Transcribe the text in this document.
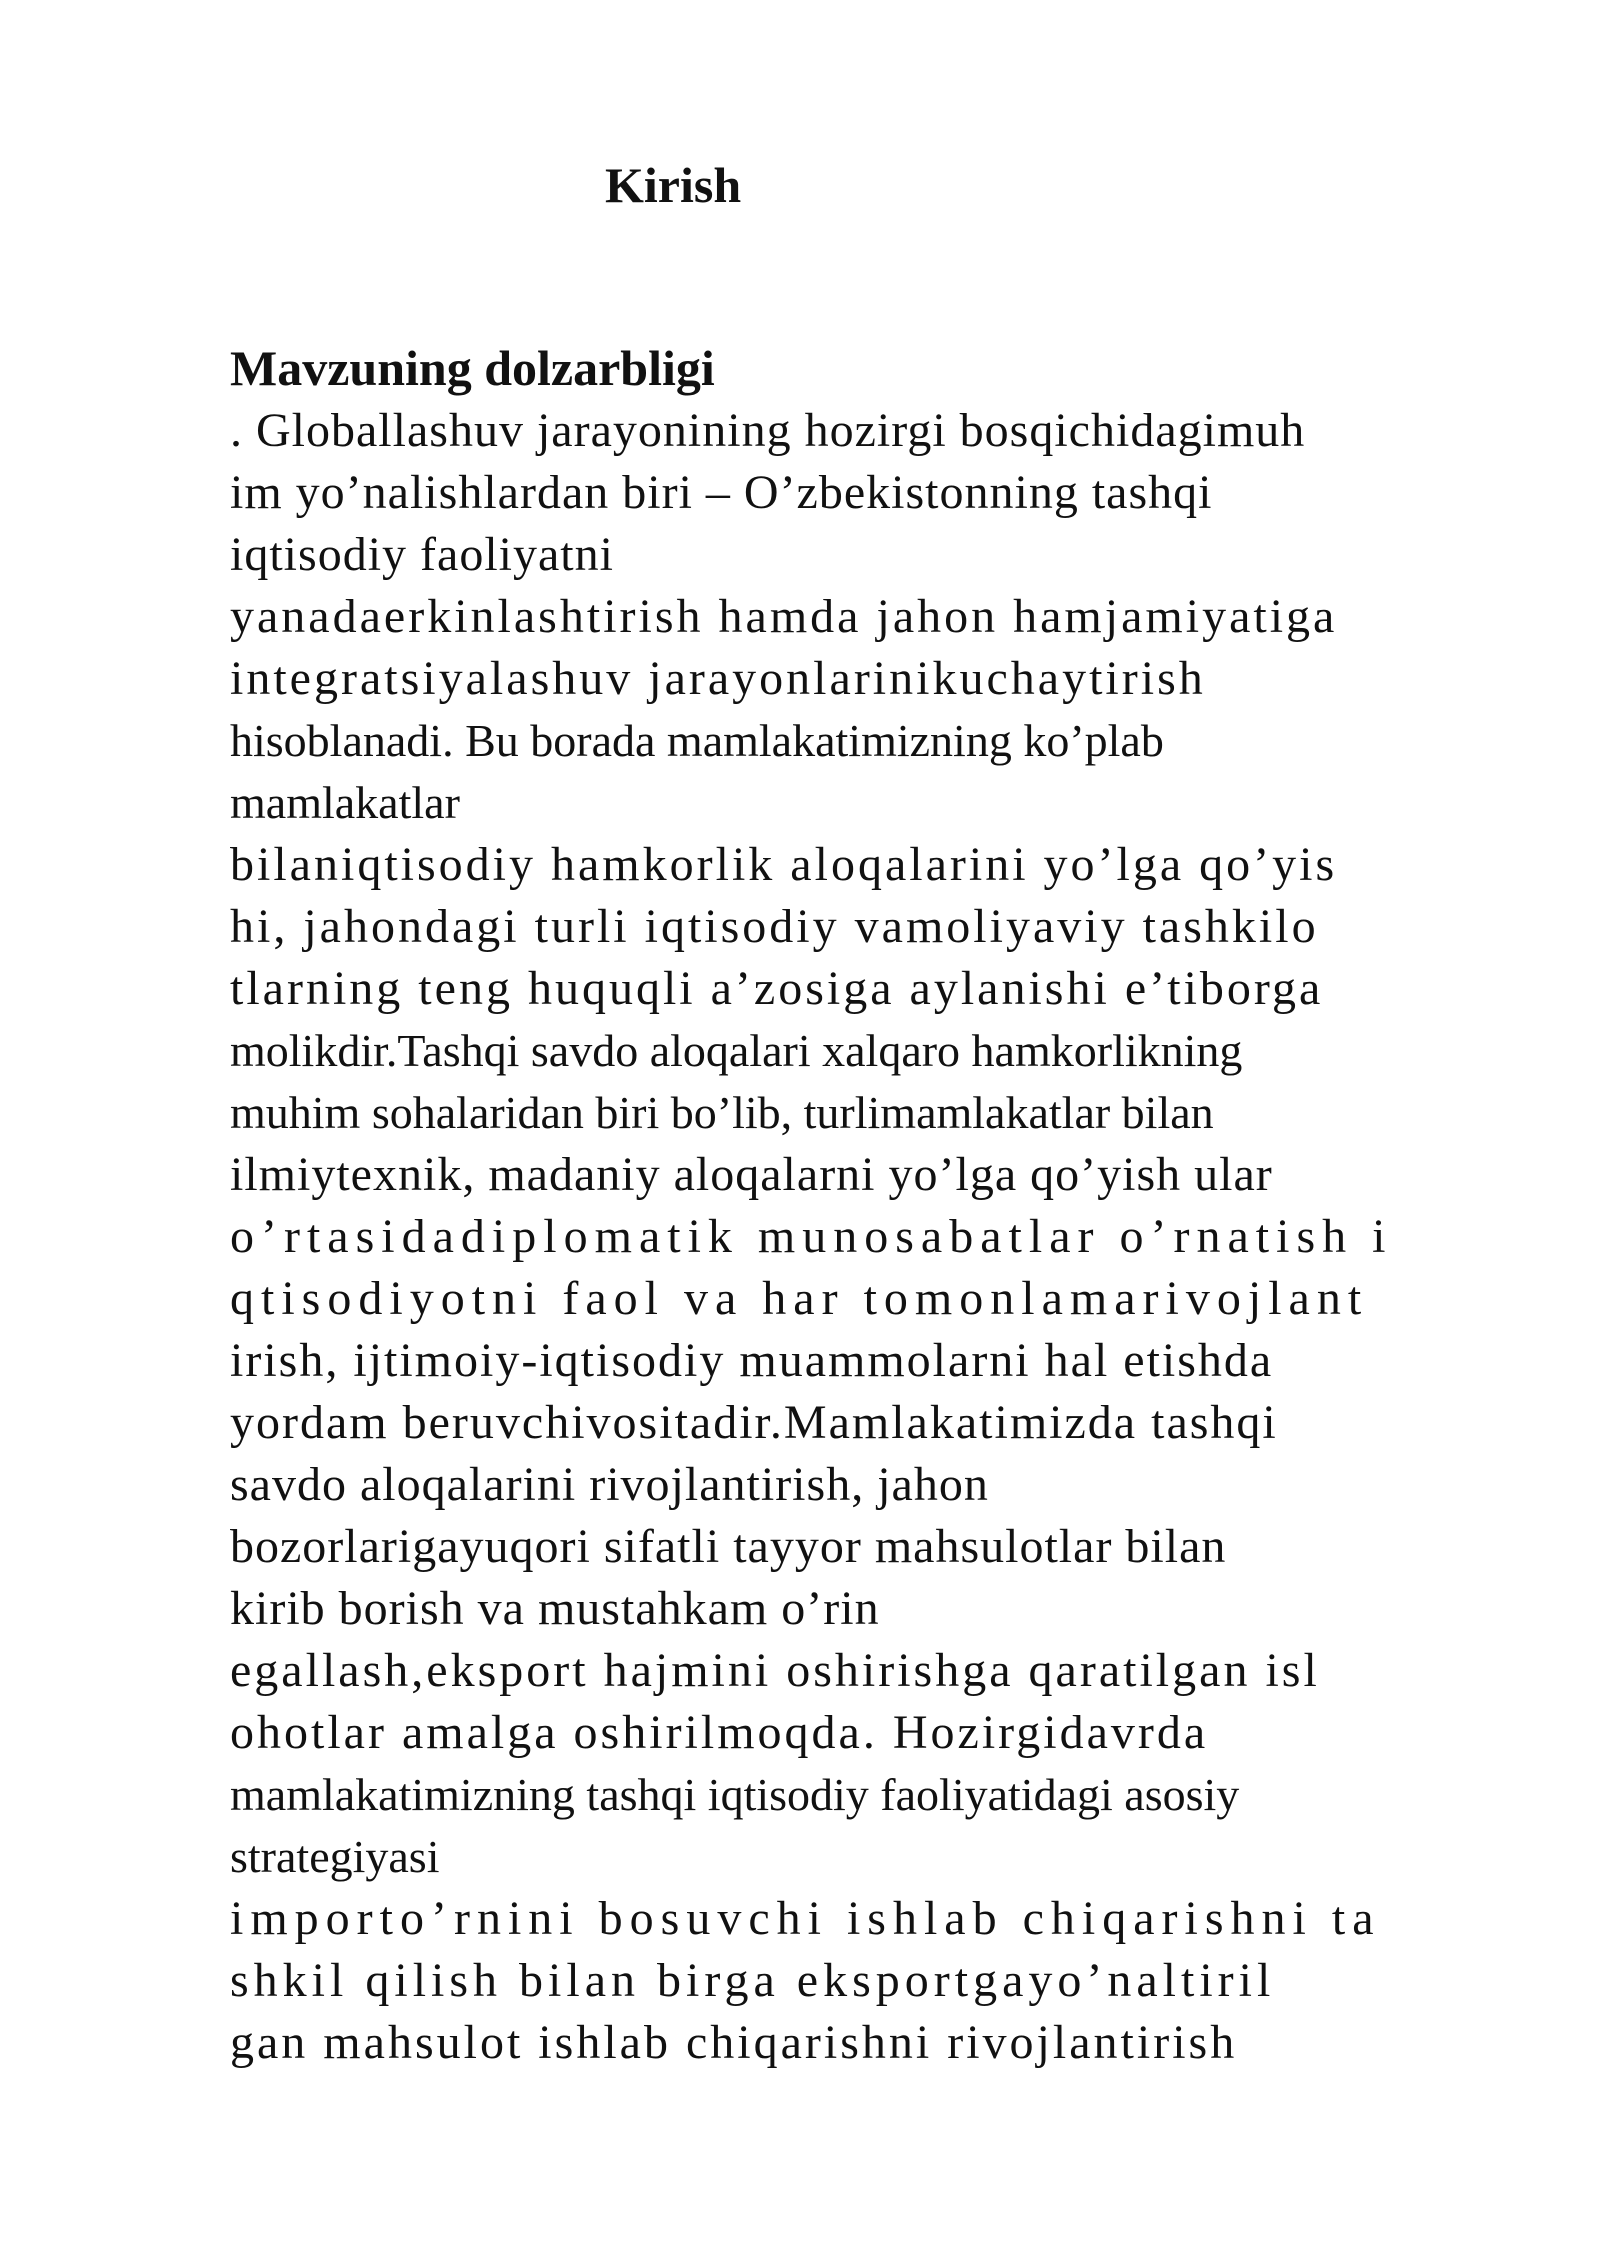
Kirish
Mavzuning dolzarbligi
. Globallashuv jarayonining hozirgi bosqichidagimuh
im yo’nalishlardan biri – O’zbekistonning tashqi
iqtisodiy faoliyatni
yanadaerkinlashtirish hamda jahon hamjamiyatiga
integratsiyalashuv jarayonlarinikuchaytirish
hisoblanadi. Bu borada mamlakatimizning ko’plab
mamlakatlar
bilaniqtisodiy hamkorlik aloqalarini yo’lga qo’yis
hi, jahondagi turli iqtisodiy vamoliyaviy tashkilo
tlarning teng huquqli a’zosiga aylanishi e’tiborga
molikdir.Tashqi savdo aloqalari xalqaro hamkorlikning
muhim sohalaridan biri bo’lib, turlimamlakatlar bilan
ilmiytexnik, madaniy aloqalarni yo’lga qo’yish ular
o’rtasidadiplomatik munosabatlar o’rnatish i
qtisodiyotni faol va har tomonlamarivojlant
irish, ijtimoiy-iqtisodiy muammolarni hal etishda
yordam beruvchivositadir.Mamlakatimizda tashqi
savdo aloqalarini rivojlantirish, jahon
bozorlarigayuqori sifatli tayyor mahsulotlar bilan
kirib borish va mustahkam o’rin
egallash,eksport hajmini oshirishga qaratilgan isl
ohotlar amalga oshirilmoqda. Hozirgidavrda
mamlakatimizning tashqi iqtisodiy faoliyatidagi asosiy
strategiyasi
importo’rnini bosuvchi ishlab chiqarishni ta
shkil qilish bilan birga eksportgayo’naltiril
gan mahsulot ishlab chiqarishni rivojlantirish
